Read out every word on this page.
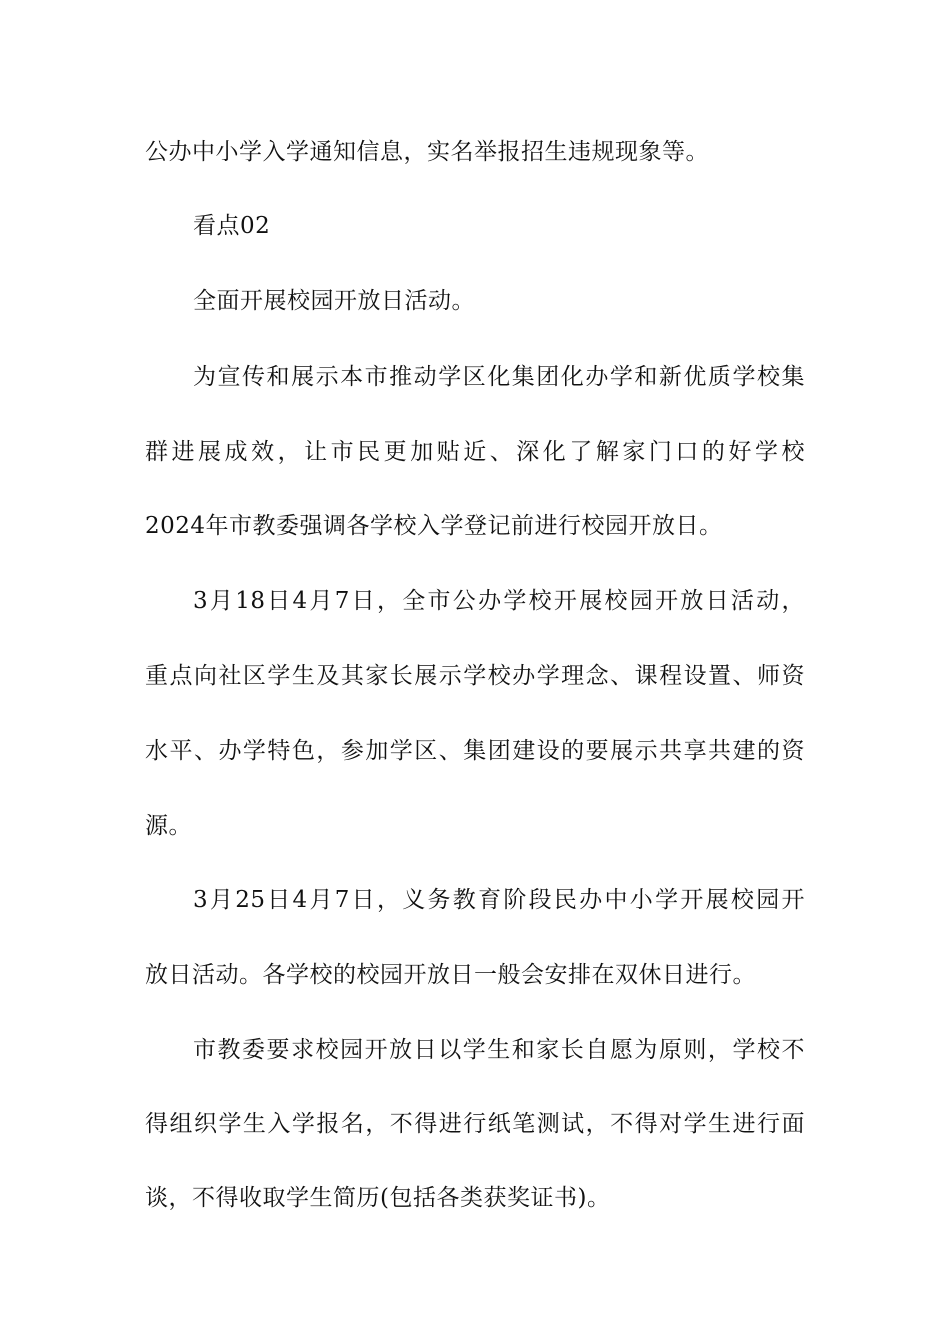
公办中小学入学通知信息，实名举报招生违规现象等。
看点02
全面开展校园开放日活动。
为宣传和展示本市推动学区化集团化办学和新优质学校集
群进展成效，让市民更加贴近、深化了解家门口的好学校
2024年市教委强调各学校入学登记前进行校园开放日。
3月18日4月7日，全市公办学校开展校园开放日活动，
重点向社区学生及其家长展示学校办学理念、课程设置、师资
水平、办学特色，参加学区、集团建设的要展示共享共建的资
源。
3月25日4月7日，义务教育阶段民办中小学开展校园开
放日活动。各学校的校园开放日一般会安排在双休日进行。
市教委要求校园开放日以学生和家长自愿为原则，学校不
得组织学生入学报名，不得进行纸笔测试，不得对学生进行面
谈，不得收取学生简历(包括各类获奖证书)。
